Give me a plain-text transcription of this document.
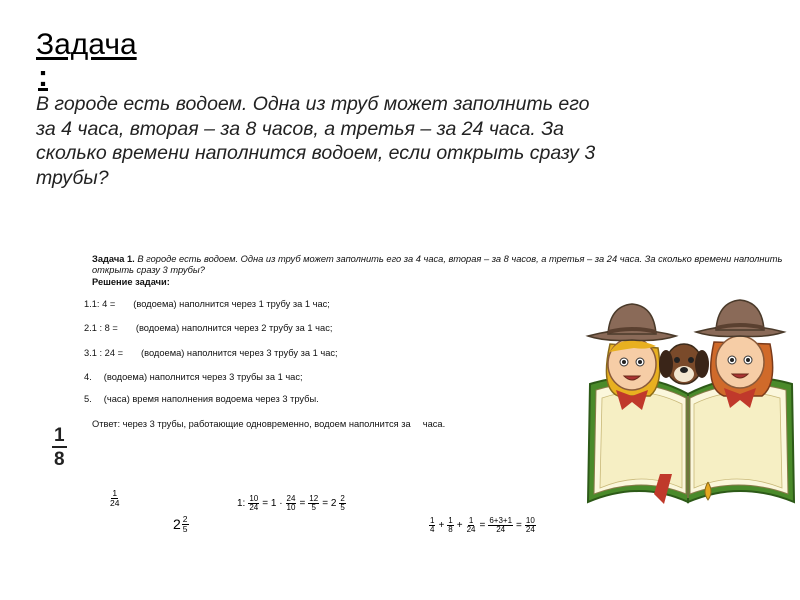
Задача
:
В городе есть водоем. Одна из труб может заполнить его за 4 часа, вторая – за 8 часов, а третья – за 24 часа. За сколько времени наполнится водоем, если открыть сразу 3 трубы?
Задача 1. В городе есть водоем. Одна из труб может заполнить его за 4 часа, вторая – за 8 часов, а третья – за 24 часа. За сколько времени наполнить
открыть сразу 3 трубы?
Решение задачи:
1.1: 4 = (водоема) наполнится через 1 трубу за 1 час;
2.1 : 8 = (водоема) наполнится через 2 трубу за 1 час;
3.1 : 24 = (водоема) наполнится через 3 трубу за 1 час;
4. (водоема) наполнится через 3 трубы за 1 час;
5. (часа) время наполнения водоема через 3 трубы.
Ответ: через 3 трубы, работающие одновременно, водоем наполнится за часа.
$\frac{1}{8}$
$\frac{1}{24}$
$2 \frac{2}{5}$
1: $\frac{10}{24} = 1 \cdot \frac{24}{10} = \frac{12}{5} = 2 \frac{2}{5}$
$\frac{1}{4} + \frac{1}{8} + \frac{1}{24} = \frac{6+3+1}{24} = \frac{10}{24}$
